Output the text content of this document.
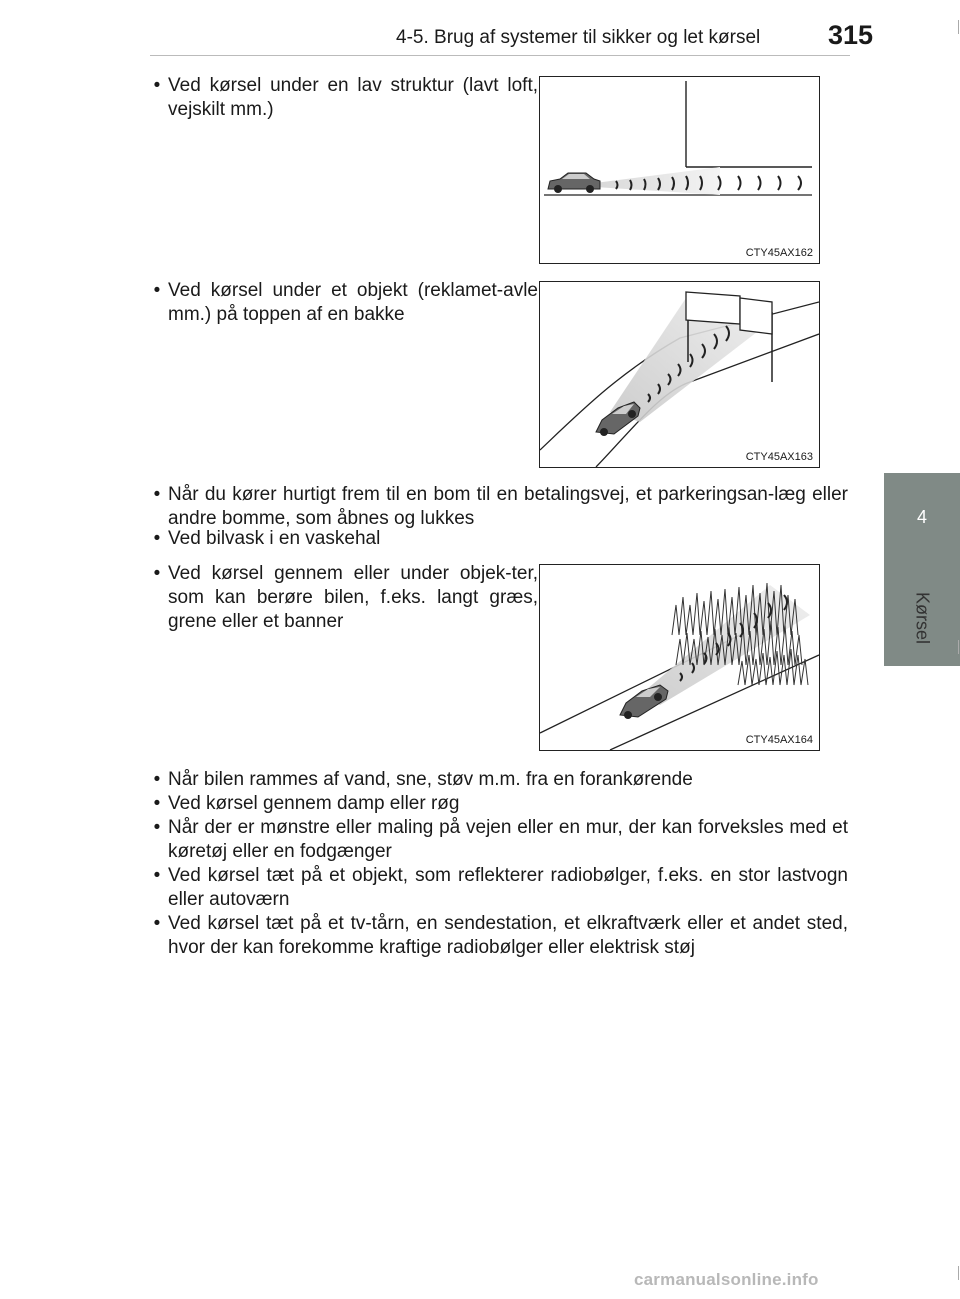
4-5. Brug af systemer til sikker og let kørsel	315
4
Kørsel
• Ved kørsel under en lav struktur (lavt loft, vejskilt mm.)
CTY45AX162
• Ved kørsel under et objekt (reklamet-avle mm.) på toppen af en bakke
CTY45AX163
• Når du kører hurtigt frem til en bom til en betalingsvej, et parkeringsan-læg eller andre bomme, som åbnes og lukkes
• Ved bilvask i en vaskehal
• Ved kørsel gennem eller under objek-ter, som kan berøre bilen, f.eks. langt græs, grene eller et banner
CTY45AX164
• Når bilen rammes af vand, sne, støv m.m. fra en forankørende
• Ved kørsel gennem damp eller røg
• Når der er mønstre eller maling på vejen eller en mur, der kan forveksles med et køretøj eller en fodgænger
• Ved kørsel tæt på et objekt, som reflekterer radiobølger, f.eks. en stor lastvogn eller autoværn
• Ved kørsel tæt på et tv-tårn, en sendestation, et elkraftværk eller et andet sted, hvor der kan forekomme kraftige radiobølger eller elektrisk støj
carmanualsonline.info
